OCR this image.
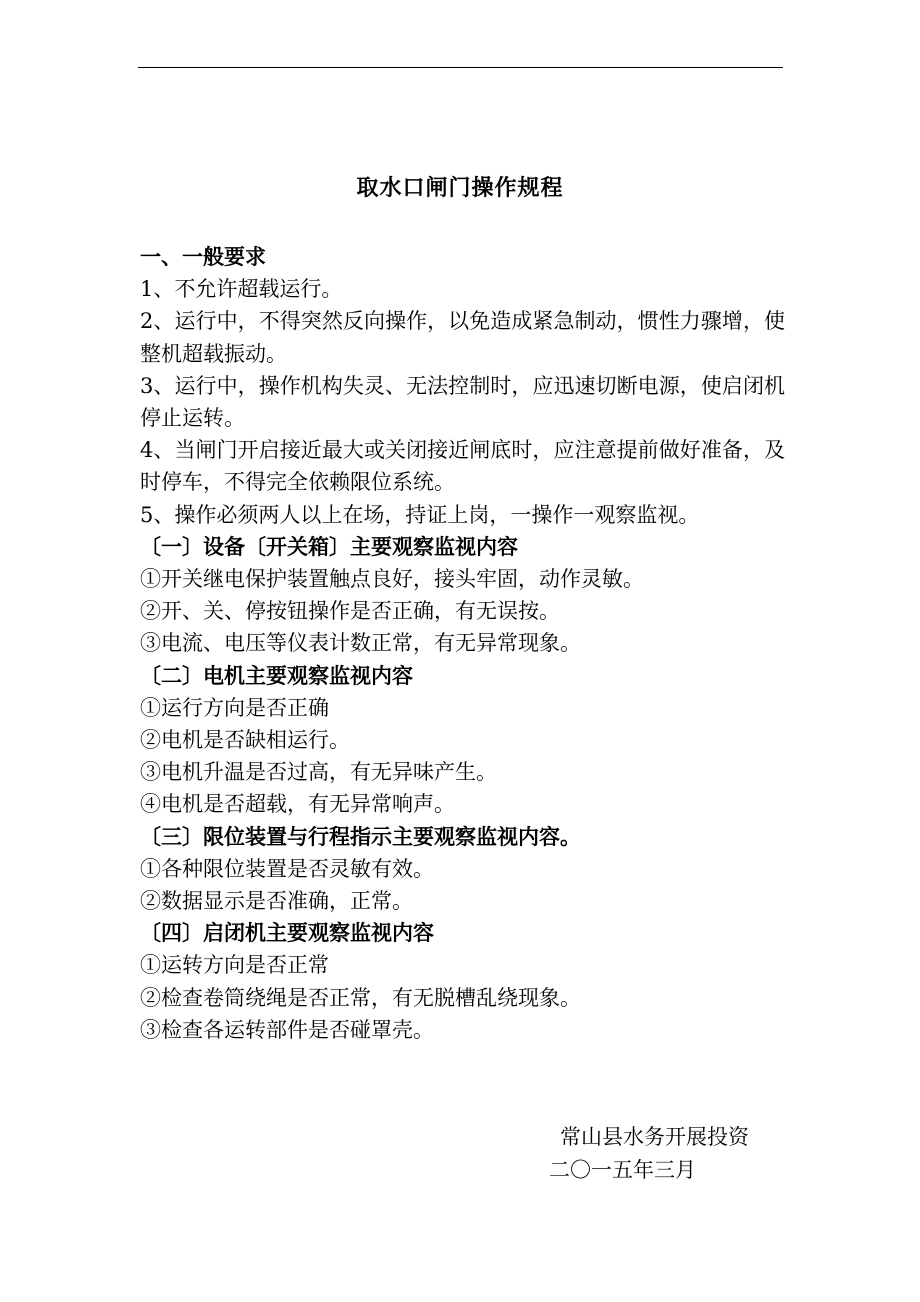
取水口闸门操作规程

一、一般要求

1、不允许超载运行。

2、运行中，不得突然反向操作，以免造成紧急制动，惯性力骤增，使整机超载振动。

3、运行中，操作机构失灵、无法控制时，应迅速切断电源，使启闭机停止运转。

4、当闸门开启接近最大或关闭接近闸底时，应注意提前做好准备，及时停车，不得完全依赖限位系统。

5、操作必须两人以上在场，持证上岗，一操作一观察监视。

〔一〕设备〔开关箱〕主要观察监视内容

①开关继电保护装置触点良好，接头牢固，动作灵敏。

②开、关、停按钮操作是否正确，有无误按。

③电流、电压等仪表计数正常，有无异常现象。

〔二〕电机主要观察监视内容

①运行方向是否正确

②电机是否缺相运行。

③电机升温是否过高，有无异味产生。

④电机是否超载，有无异常响声。

〔三〕限位装置与行程指示主要观察监视内容。

①各种限位装置是否灵敏有效。

②数据显示是否准确，正常。

〔四〕启闭机主要观察监视内容

①运转方向是否正常

②检查卷筒绕绳是否正常，有无脱槽乱绕现象。

③检查各运转部件是否碰罩壳。

常山县水务开展投资
二〇一五年三月
